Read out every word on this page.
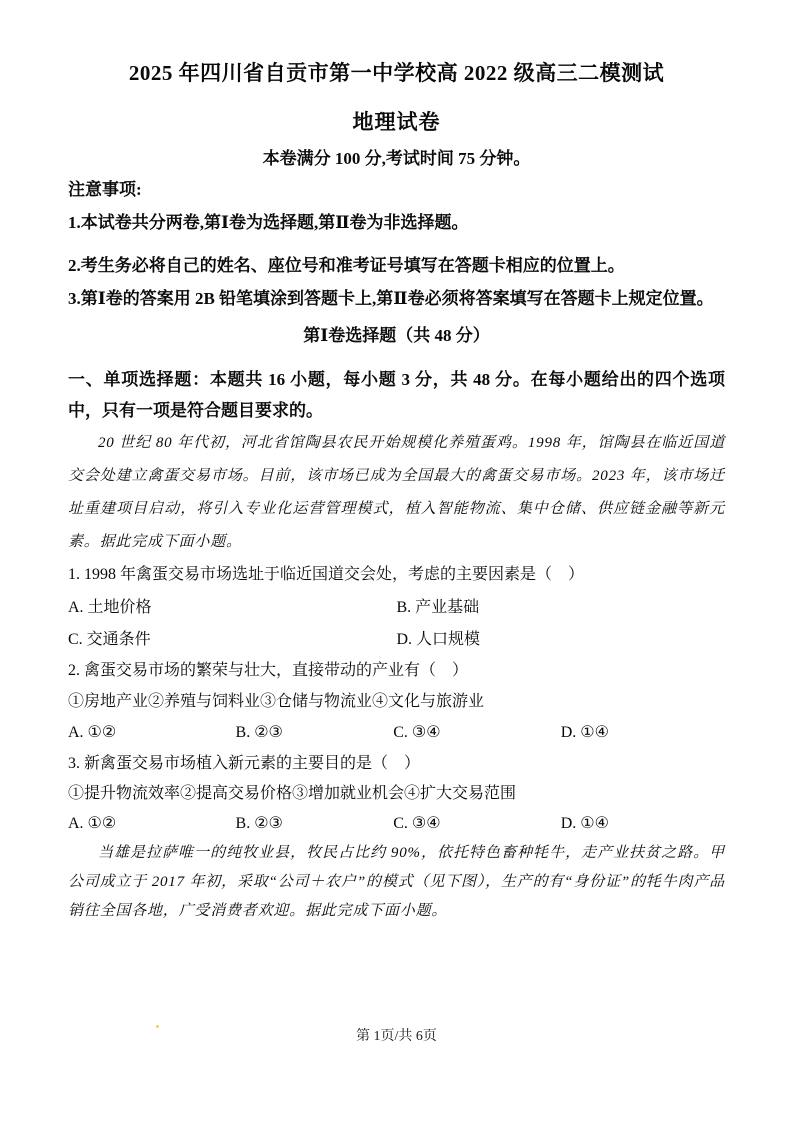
2025 年四川省自贡市第一中学校高 2022 级高三二模测试
地理试卷
本卷满分 100 分,考试时间 75 分钟。
注意事项:
1.本试卷共分两卷,第Ⅰ卷为选择题,第Ⅱ卷为非选择题。
2.考生务必将自己的姓名、座位号和准考证号填写在答题卡相应的位置上。
3.第Ⅰ卷的答案用 2B 铅笔填涂到答题卡上,第Ⅱ卷必须将答案填写在答题卡上规定位置。
第Ⅰ卷选择题（共 48 分）
一、单项选择题：本题共 16 小题，每小题 3 分，共 48 分。在每小题给出的四个选项中，只有一项是符合题目要求的。
20 世纪 80 年代初，河北省馆陶县农民开始规模化养殖蛋鸡。1998 年，馆陶县在临近国道交会处建立禽蛋交易市场。目前，该市场已成为全国最大的禽蛋交易市场。2023 年，该市场迁址重建项目启动，将引入专业化运营管理模式，植入智能物流、集中仓储、供应链金融等新元素。据此完成下面小题。
1. 1998 年禽蛋交易市场选址于临近国道交会处，考虑的主要因素是（　）
A. 土地价格	B. 产业基础
C. 交通条件	D. 人口规模
2. 禽蛋交易市场的繁荣与壮大，直接带动的产业有（　）
①房地产业②养殖与饲料业③仓储与物流业④文化与旅游业
A. ①②	B. ②③	C. ③④	D. ①④
3. 新禽蛋交易市场植入新元素的主要目的是（　）
①提升物流效率②提高交易价格③增加就业机会④扩大交易范围
A. ①②	B. ②③	C. ③④	D. ①④
当雄是拉萨唯一的纯牧业县，牧民占比约 90%，依托特色畜种牦牛，走产业扶贫之路。甲公司成立于 2017 年初，采取“公司＋农户”的模式（见下图），生产的有“身份证”的牦牛肉产品销往全国各地，广受消费者欢迎。据此完成下面小题。
第 1页/共 6页
